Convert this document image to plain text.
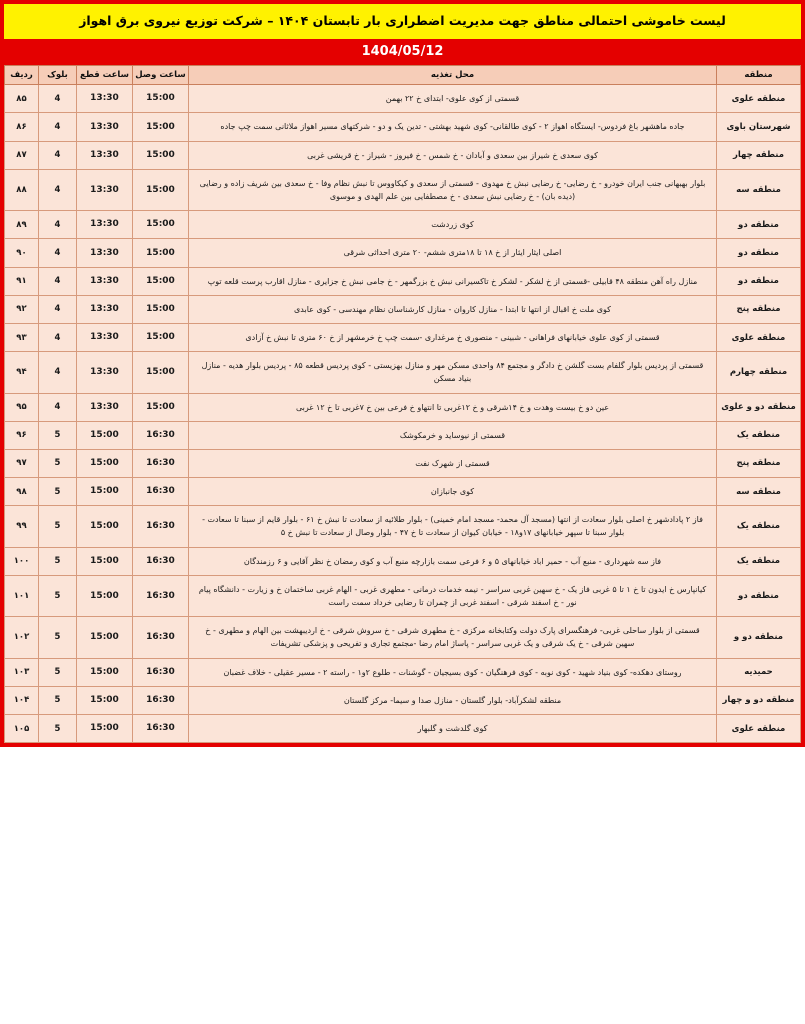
لیست خاموشی احتمالی مناطق جهت مدیریت اضطراری بار تابستان ۱۴۰۴ – شرکت توزیع نیروی برق اهواز
1404/05/12
منطقه	محل تغذیه	ساعت وصل	ساعت قطع	بلوک	ردیف
منطقه علوی	قسمتی از کوی علوی- ابتدای خ ۲۲ بهمن	15:00	13:30	4	۸۵
شهرستان باوی	جاده ماهشهر باغ فردوس- ایستگاه اهواز ۲ - کوی طالقانی- کوی شهید بهشتی - تدین یک و دو - شرکتهای مسیر اهواز ملاثانی سمت چپ جاده	15:00	13:30	4	۸۶
منطقه چهار	کوی سعدی خ شیراز بین سعدی و آبادان - خ شمس - خ فیروز - شیراز - خ قریشی غربی	15:00	13:30	4	۸۷
منطقه سه	بلوار بهبهانی جنب ایران خودرو - خ رضایی- خ رضایی نبش خ مهدوی - قسمتی از سعدی و کیکاووس تا نبش نظام وفا - خ سعدی بین شریف زاده و رضایی (دیده بان) - خ رضایی نبش سعدی - خ مصطفایی بین علم الهدی و موسوی	15:00	13:30	4	۸۸
منطقه دو	کوی زردشت	15:00	13:30	4	۸۹
منطقه دو	اصلی ایثار ایثار از خ ۱۸ تا ۱۸متری ششم- ۲۰ متری احداثی شرقی	15:00	13:30	4	۹۰
منطقه دو	منازل راه آهن منطقه ۴۸ قابیلی -قسمتی از خ لشکر - لشکر خ تاکسیرانی نبش خ بزرگمهر - خ جامی نبش خ جزایری - منازل اقارب پرست قلعه توپ	15:00	13:30	4	۹۱
منطقه پنج	کوی ملت خ اقبال از انتها تا ابتدا - منازل کاروان - منازل کارشناسان نظام مهندسی - کوی عابدی	15:00	13:30	4	۹۲
منطقه علوی	قسمتی از کوی علوی خیابانهای فراهانی - شبینی - منصوری خ مرغداری -سمت چپ خ خرمشهر از خ ۶۰ متری تا نبش خ آزادی	15:00	13:30	4	۹۳
منطقه چهارم	قسمتی از پردیس بلوار گلفام بست گلشن خ دادگر و مجتمع ۸۴ واحدی مسکن مهر و منازل بهزیستی - کوی پردیس قطعه ۸۵ - پردیس بلوار هدیه - منازل بنیاد مسکن	15:00	13:30	4	۹۴
منطقه دو و علوی	عین دو خ بیست وهدت و خ ۱۴شرقی و خ ۱۲غربی تا انتهاو خ فرعی بین خ ۷غربی تا خ ۱۲ غربی	15:00	13:30	4	۹۵
منطقه یک	قسمتی از نیوساید و خرمکوشک	16:30	15:00	5	۹۶
منطقه پنج	قسمتی از شهرک نفت	16:30	15:00	5	۹۷
منطقه سه	کوی جانبازان	16:30	15:00	5	۹۸
منطقه یک	فاز ۲ پادادشهر خ اصلی بلوار سعادت از انتها (مسجد آل محمد- مسجد امام خمینی) - بلوار طلائیه از سعادت تا نبش خ ۶۱ - بلوار قایم از سبنا تا سعادت - بلوار سبنا تا سپهر خیابانهای ۱۷و۱۸ - خیابان کیوان از سعادت تا خ ۴۷ - بلوار وصال از سعادت تا نبش خ ۵	16:30	15:00	5	۹۹
منطقه یک	فاز سه شهرداری - منبع آب - حمیر اباد خیابانهای ۵ و ۶ فرعی سمت بازارچه منبع آب و کوی رمضان خ نظر آقایی و ۶ رزمندگان	16:30	15:00	5	۱۰۰
منطقه دو	کیانپارس خ ایدون تا خ ۱ تا ۵ غربی فاز یک - خ سهین غربی سراسر - نیمه خدمات درمانی - مطهری غربی - الهام غربی ساختمان خ و زیارت - دانشگاه پیام نور - خ اسفند شرقی - اسفند غربی از چمران تا رضایی خرداد سمت راست	16:30	15:00	5	۱۰۱
منطقه دو و	قسمتی از بلوار ساحلی غربی- فرهنگسرای پارک دولت وکتابخانه مرکزی - خ مطهری شرقی - خ سروش شرقی - خ اردیبهشت بین الهام و مطهری - خ سهین شرقی - خ یک شرقی و یک غربی سراسر - پاساژ امام رضا -مجتمع تجاری و تفریحی و پزشکی تشریفات	16:30	15:00	5	۱۰۲
حمیدیه	روستای دهکده- کوی بنیاد شهید - کوی نوبه - کوی فرهنگیان - کوی بسیجیان - گوشنات - طلوع ۲و۱ - راسته ۲ - مسیر عقیلی - خلاف غضبان	16:30	15:00	5	۱۰۳
منطقه دو و چهار	منطقه لشکرآباد- بلوار گلستان - منازل صدا و سیما- مرکز گلستان	16:30	15:00	5	۱۰۴
منطقه علوی	کوی گلدشت و گلبهار	16:30	15:00	5	۱۰۵
